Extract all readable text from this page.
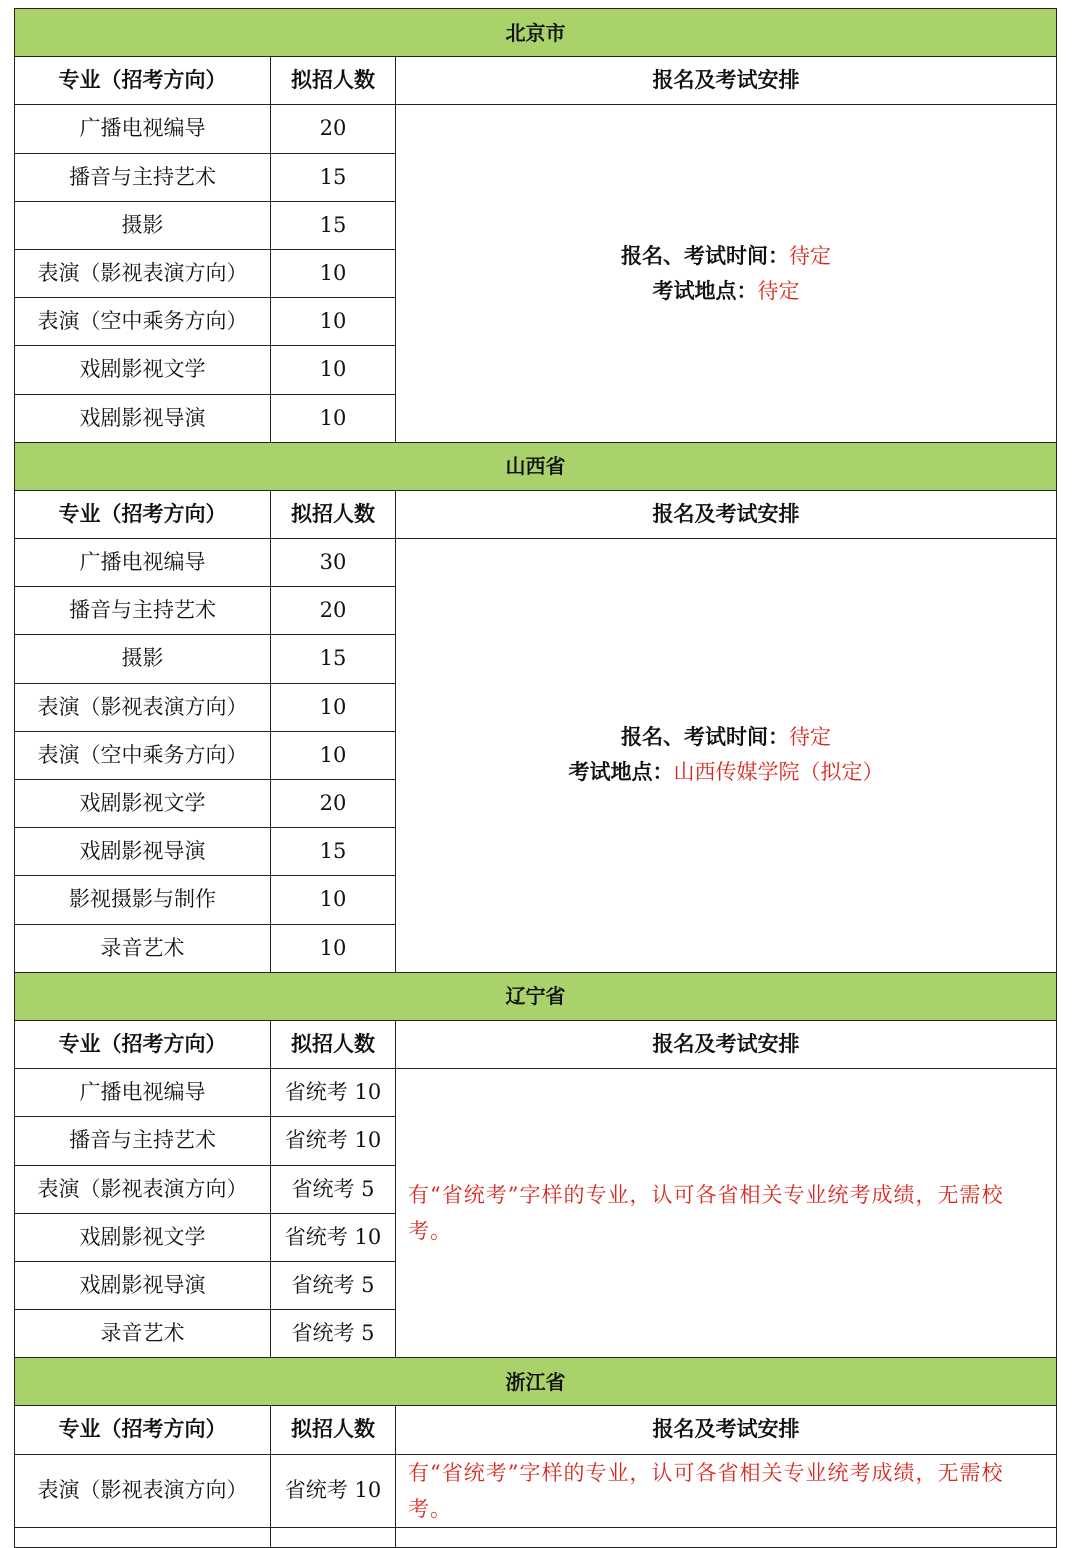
北京市		
专业（招考方向）	拟招人数	报名及考试安排
广播电视编导	20	报名、考试时间：待定
考试地点：待定

播音与主持艺术	15	
摄影	15	
表演（影视表演方向）	10	
表演（空中乘务方向）	10	
戏剧影视文学	10	
戏剧影视导演	10	
山西省		
专业（招考方向）	拟招人数	报名及考试安排
广播电视编导	30	报名、考试时间：待定
考试地点：山西传媒学院（拟定）

播音与主持艺术	20	
摄影	15	
表演（影视表演方向）	10	
表演（空中乘务方向）	10	
戏剧影视文学	20	
戏剧影视导演	15	
影视摄影与制作	10	
录音艺术	10	
辽宁省		
专业（招考方向）	拟招人数	报名及考试安排
广播电视编导	省统考 10	有“省统考”字样的专业，认可各省相关专业统考成绩，无需校考。
播音与主持艺术	省统考 10	
表演（影视表演方向）	省统考 5	
戏剧影视文学	省统考 10	
戏剧影视导演	省统考 5	
录音艺术	省统考 5	
浙江省		
专业（招考方向）	拟招人数	报名及考试安排
表演（影视表演方向）	省统考 10	有“省统考”字样的专业，认可各省相关专业统考成绩，无需校考。
